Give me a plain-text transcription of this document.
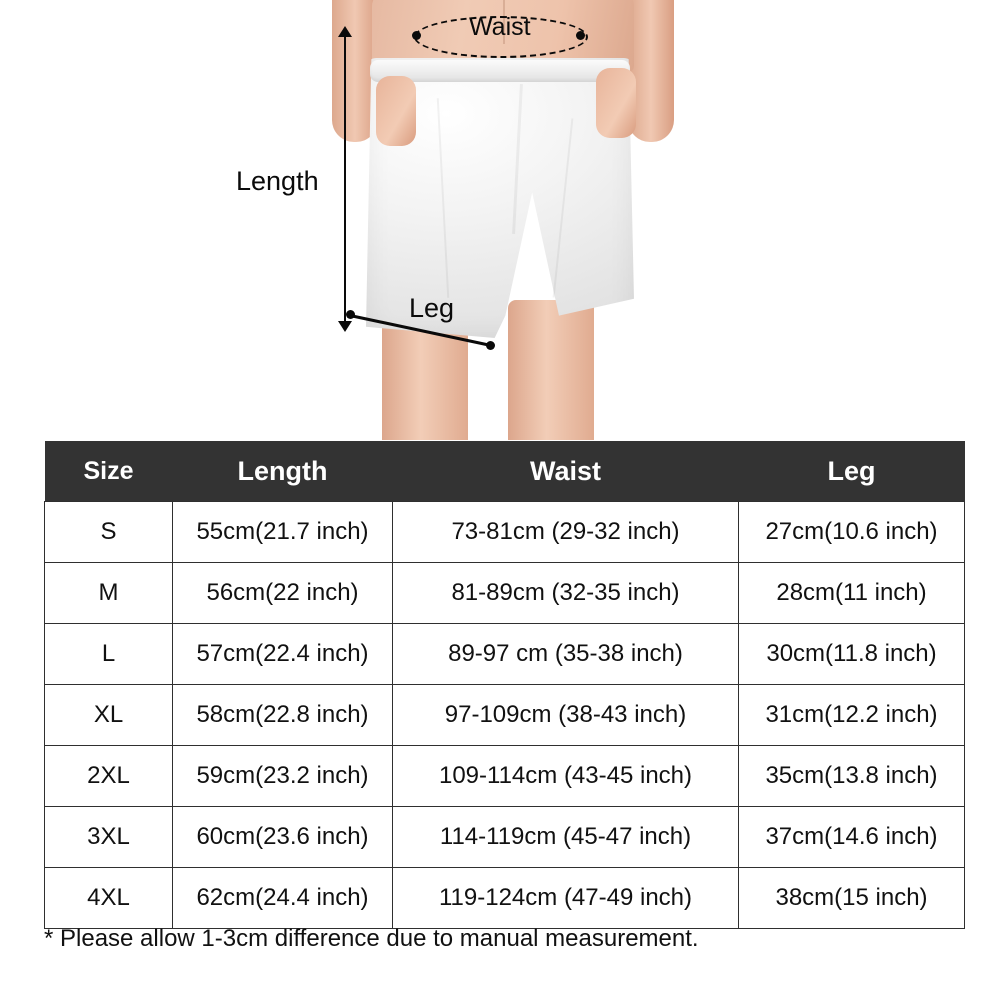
Length
Waist
Leg
Size	Length	Waist	Leg
S	55cm(21.7 inch)	73-81cm (29-32 inch)	27cm(10.6 inch)
M	56cm(22 inch)	81-89cm (32-35 inch)	28cm(11 inch)
L	57cm(22.4 inch)	89-97 cm (35-38 inch)	30cm(11.8 inch)
XL	58cm(22.8 inch)	97-109cm (38-43 inch)	31cm(12.2 inch)
2XL	59cm(23.2 inch)	109-114cm (43-45 inch)	35cm(13.8 inch)
3XL	60cm(23.6 inch)	114-119cm (45-47 inch)	37cm(14.6 inch)
4XL	62cm(24.4 inch)	119-124cm (47-49 inch)	38cm(15 inch)
* Please allow 1-3cm difference due to manual measurement.
